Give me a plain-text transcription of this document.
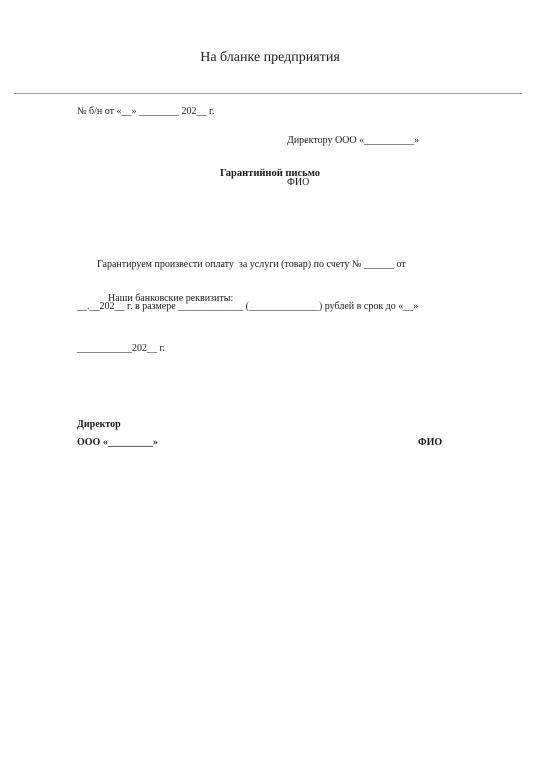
На бланке предприятия
№ б/н от «__» ________ 202__ г.

Директору ООО «__________»

ФИО

Гарантийной письмо

Гарантируем произвести оплату  за услуги (товар) по счету № ______ от

__.__202__ г. в размере _____________ (______________) рублей в срок до «__»

___________202__ г.

Наши банковские реквизиты:
Директор
ООО «_________»	ФИО
